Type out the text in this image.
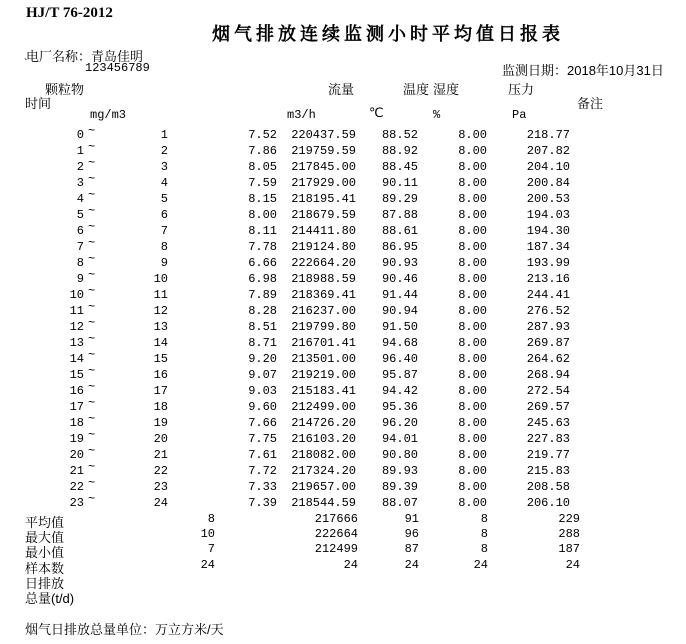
HJ/T 76-2012
烟气排放连续监测小时平均值日报表
电厂名称：青岛佳明
`	123456789	监测日期：2018年10月31日
颗粒物	流量	温度 湿度	压力
时间	备注
mg/m3	m3/h	℃	%	Pa
0	1	7.52	220437.59	88.52	8.00	218.77
~
1	2	7.86	219759.59	88.92	8.00	207.82
~
2	3	8.05	217845.00	88.45	8.00	204.10
~
3	4	7.59	217929.00	90.11	8.00	200.84
~
4	5	8.15	218195.41	89.29	8.00	200.53
~
5	6	8.00	218679.59	87.88	8.00	194.03
~
6	7	8.11	214411.80	88.61	8.00	194.30
~
7	8	7.78	219124.80	86.95	8.00	187.34
~
8	9	6.66	222664.20	90.93	8.00	193.99
~
9	10	6.98	218988.59	90.46	8.00	213.16
~
10	11	7.89	218369.41	91.44	8.00	244.41
~
11	12	8.28	216237.00	90.94	8.00	276.52
~
12	13	8.51	219799.80	91.50	8.00	287.93
~
13	14	8.71	216701.41	94.68	8.00	269.87
~
14	15	9.20	213501.00	96.40	8.00	264.62
~
15	16	9.07	219219.00	95.87	8.00	268.94
~
16	17	9.03	215183.41	94.42	8.00	272.54
~
17	18	9.60	212499.00	95.36	8.00	269.57
~
18	19	7.66	214726.20	96.20	8.00	245.63
~
19	20	7.75	216103.20	94.01	8.00	227.83
~
20	21	7.61	218082.00	90.80	8.00	219.77
~
21	22	7.72	217324.20	89.93	8.00	215.83
~
22	23	7.33	219657.00	89.39	8.00	208.58
~
23	24	7.39	218544.59	88.07	8.00	206.10
~
平均值	8	217666	91	8	229
最大值	10	222664	96	8	288
最小值	7	212499	87	8	187
样本数	24	24	24	24	24
日排放
总量(t/d)
烟气日排放总量单位：万立方米/天
